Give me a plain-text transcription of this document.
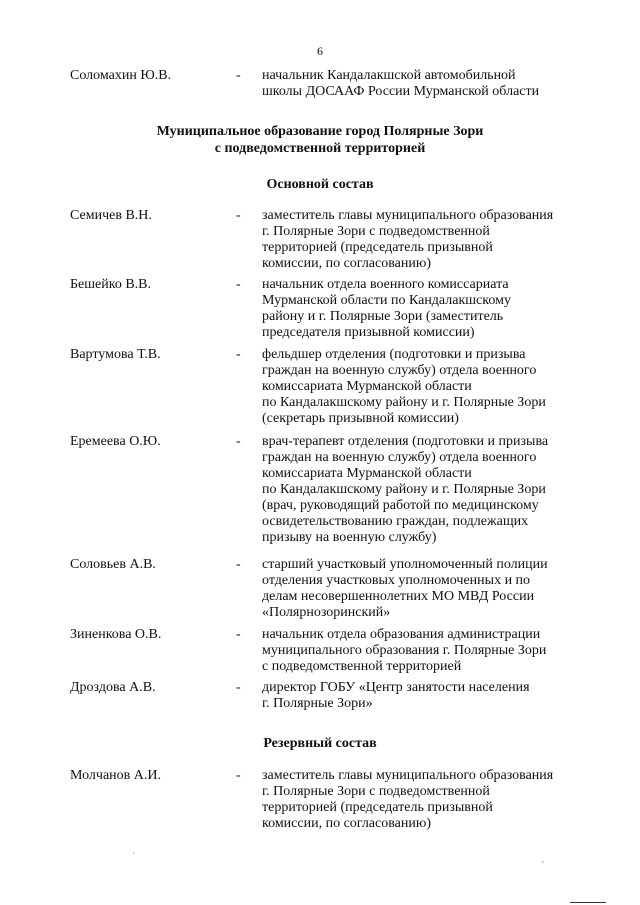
6
Соломахин Ю.В.	- начальник Кандалакшской автомобильной
школы ДОСААФ России Мурманской области
Муниципальное образование город Полярные Зори
с подведомственной территорией
Основной состав
Семичев В.Н.	- заместитель главы муниципального образования
г. Полярные Зори с подведомственной
территорией (председатель призывной
комиссии, по согласованию)
Бешейко В.В.	- начальник отдела военного комиссариата
Мурманской области по Кандалакшскому
району и г. Полярные Зори (заместитель
председателя призывной комиссии)
Вартумова Т.В.	- фельдшер отделения (подготовки и призыва
граждан на военную службу) отдела военного
комиссариата Мурманской области
по Кандалакшскому району и г. Полярные Зори
(секретарь призывной комиссии)
Еремеева О.Ю.	- врач-терапевт отделения (подготовки и призыва
граждан на военную службу) отдела военного
комиссариата Мурманской области
по Кандалакшскому району и г. Полярные Зори
(врач, руководящий работой по медицинскому
освидетельствованию граждан, подлежащих
призыву на военную службу)
Соловьев А.В.	- старший участковый уполномоченный полиции
отделения участковых уполномоченных и по
делам несовершеннолетних МО МВД России
«Полярнозоринский»
Зиненкова О.В.	- начальник отдела образования администрации
муниципального образования г. Полярные Зори
с подведомственной территорией
Дроздова А.В.	- директор ГОБУ «Центр занятости населения
г. Полярные Зори»
Резервный состав
Молчанов А.И.	- заместитель главы муниципального образования
г. Полярные Зори с подведомственной
территорией (председатель призывной
комиссии, по согласованию)
`
'
